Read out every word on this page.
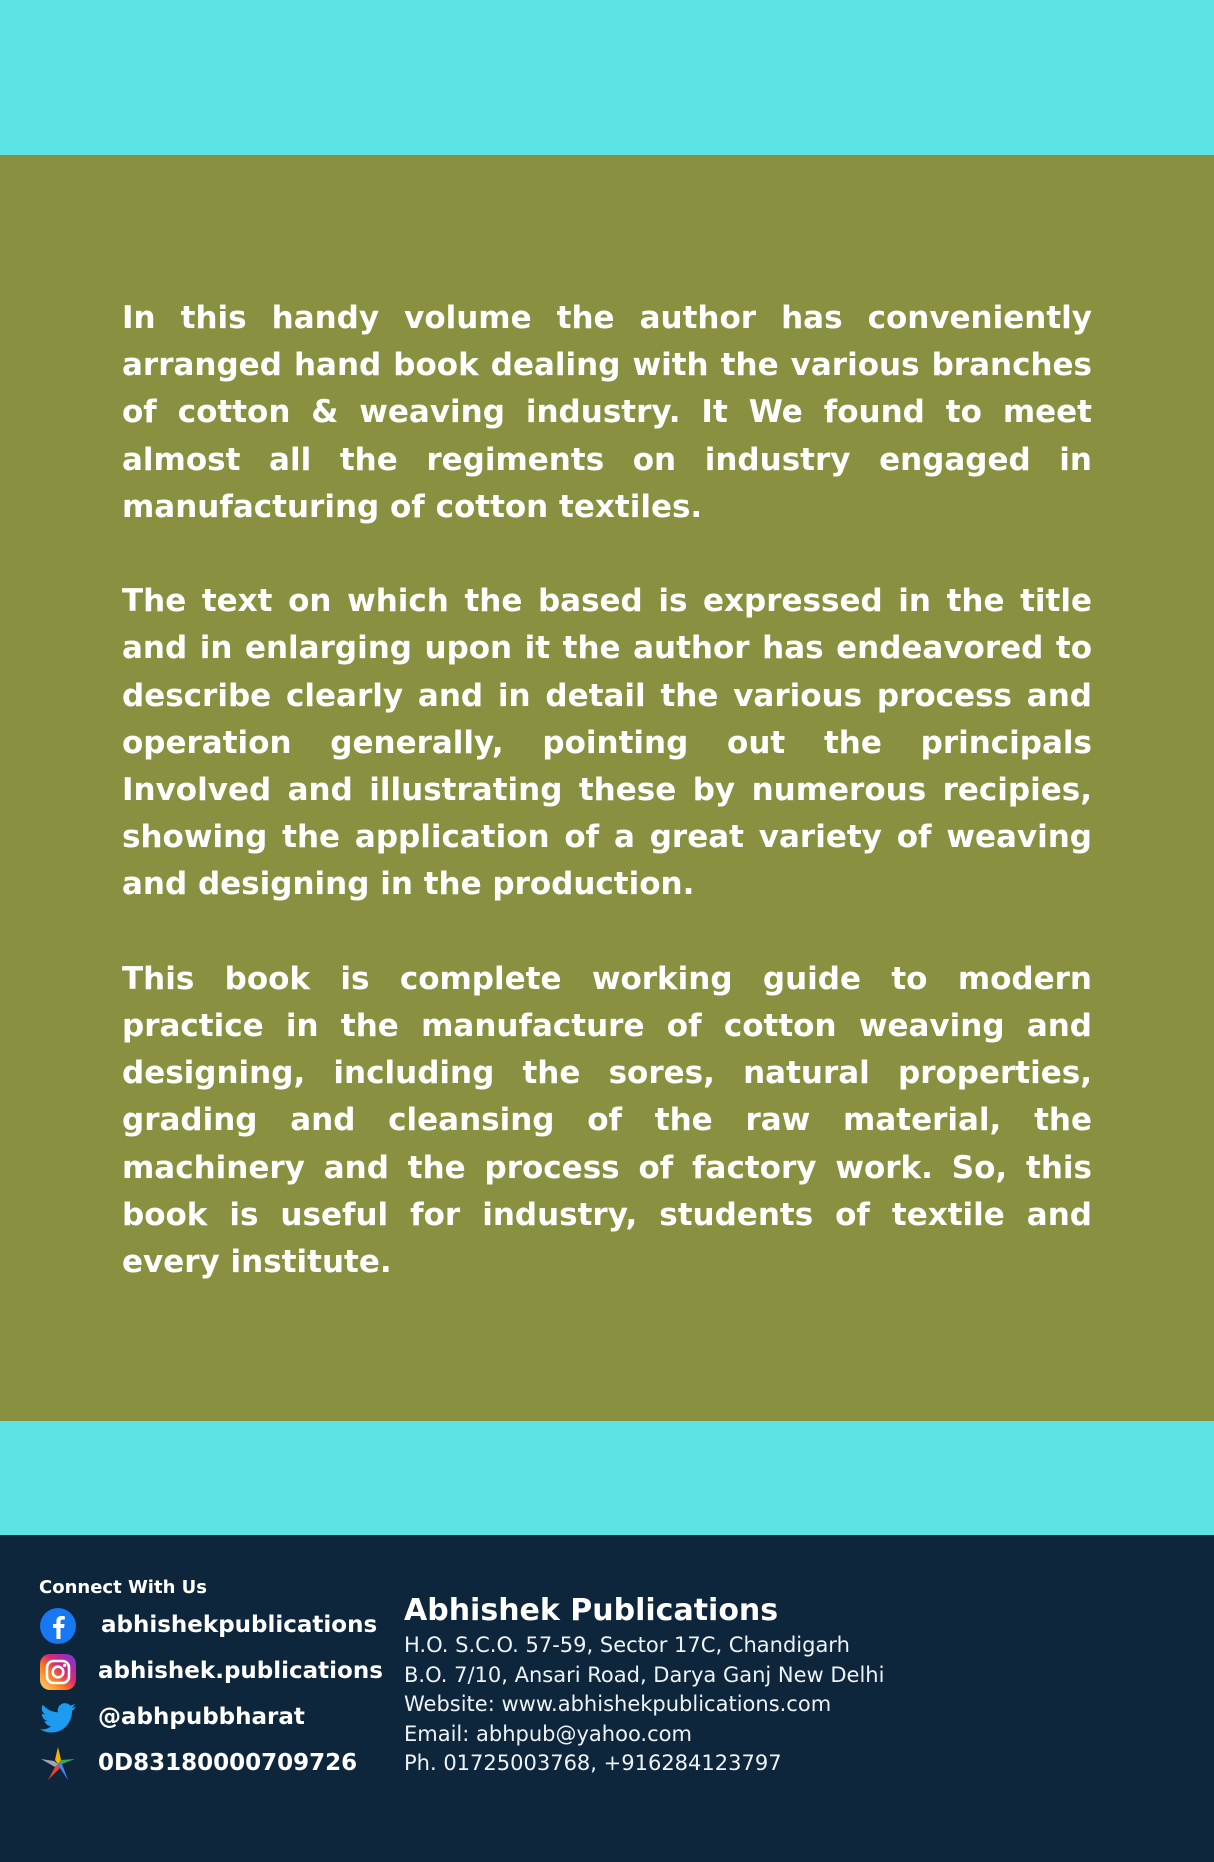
In this handy volume the author has conveniently arranged hand book dealing with the various branches of cotton & weaving industry. It We found to meet almost all the regiments on industry engaged in manufacturing of cotton textiles.

The text on which the based is expressed in the title and in enlarging upon it the author has endeavored to describe clearly and in detail the various process and operation generally, pointing out the principals Involved and illustrating these by numerous recipies, showing the application of a great variety of weaving and designing in the production.

This book is complete working guide to modern practice in the manufacture of cotton weaving and designing, including the sores, natural properties, grading and cleansing of the raw material, the machinery and the process of factory work. So, this book is useful for industry, students of textile and every institute.

Connect With Us
abhishekpublications
abhishek.publications
@abhpubbharat
0D83180000709726
Abhishek Publications
H.O. S.C.O. 57-59, Sector 17C, Chandigarh
B.O. 7/10, Ansari Road, Darya Ganj New Delhi
Website: www.abhishekpublications.com
Email: abhpub@yahoo.com
Ph. 01725003768, +916284123797
